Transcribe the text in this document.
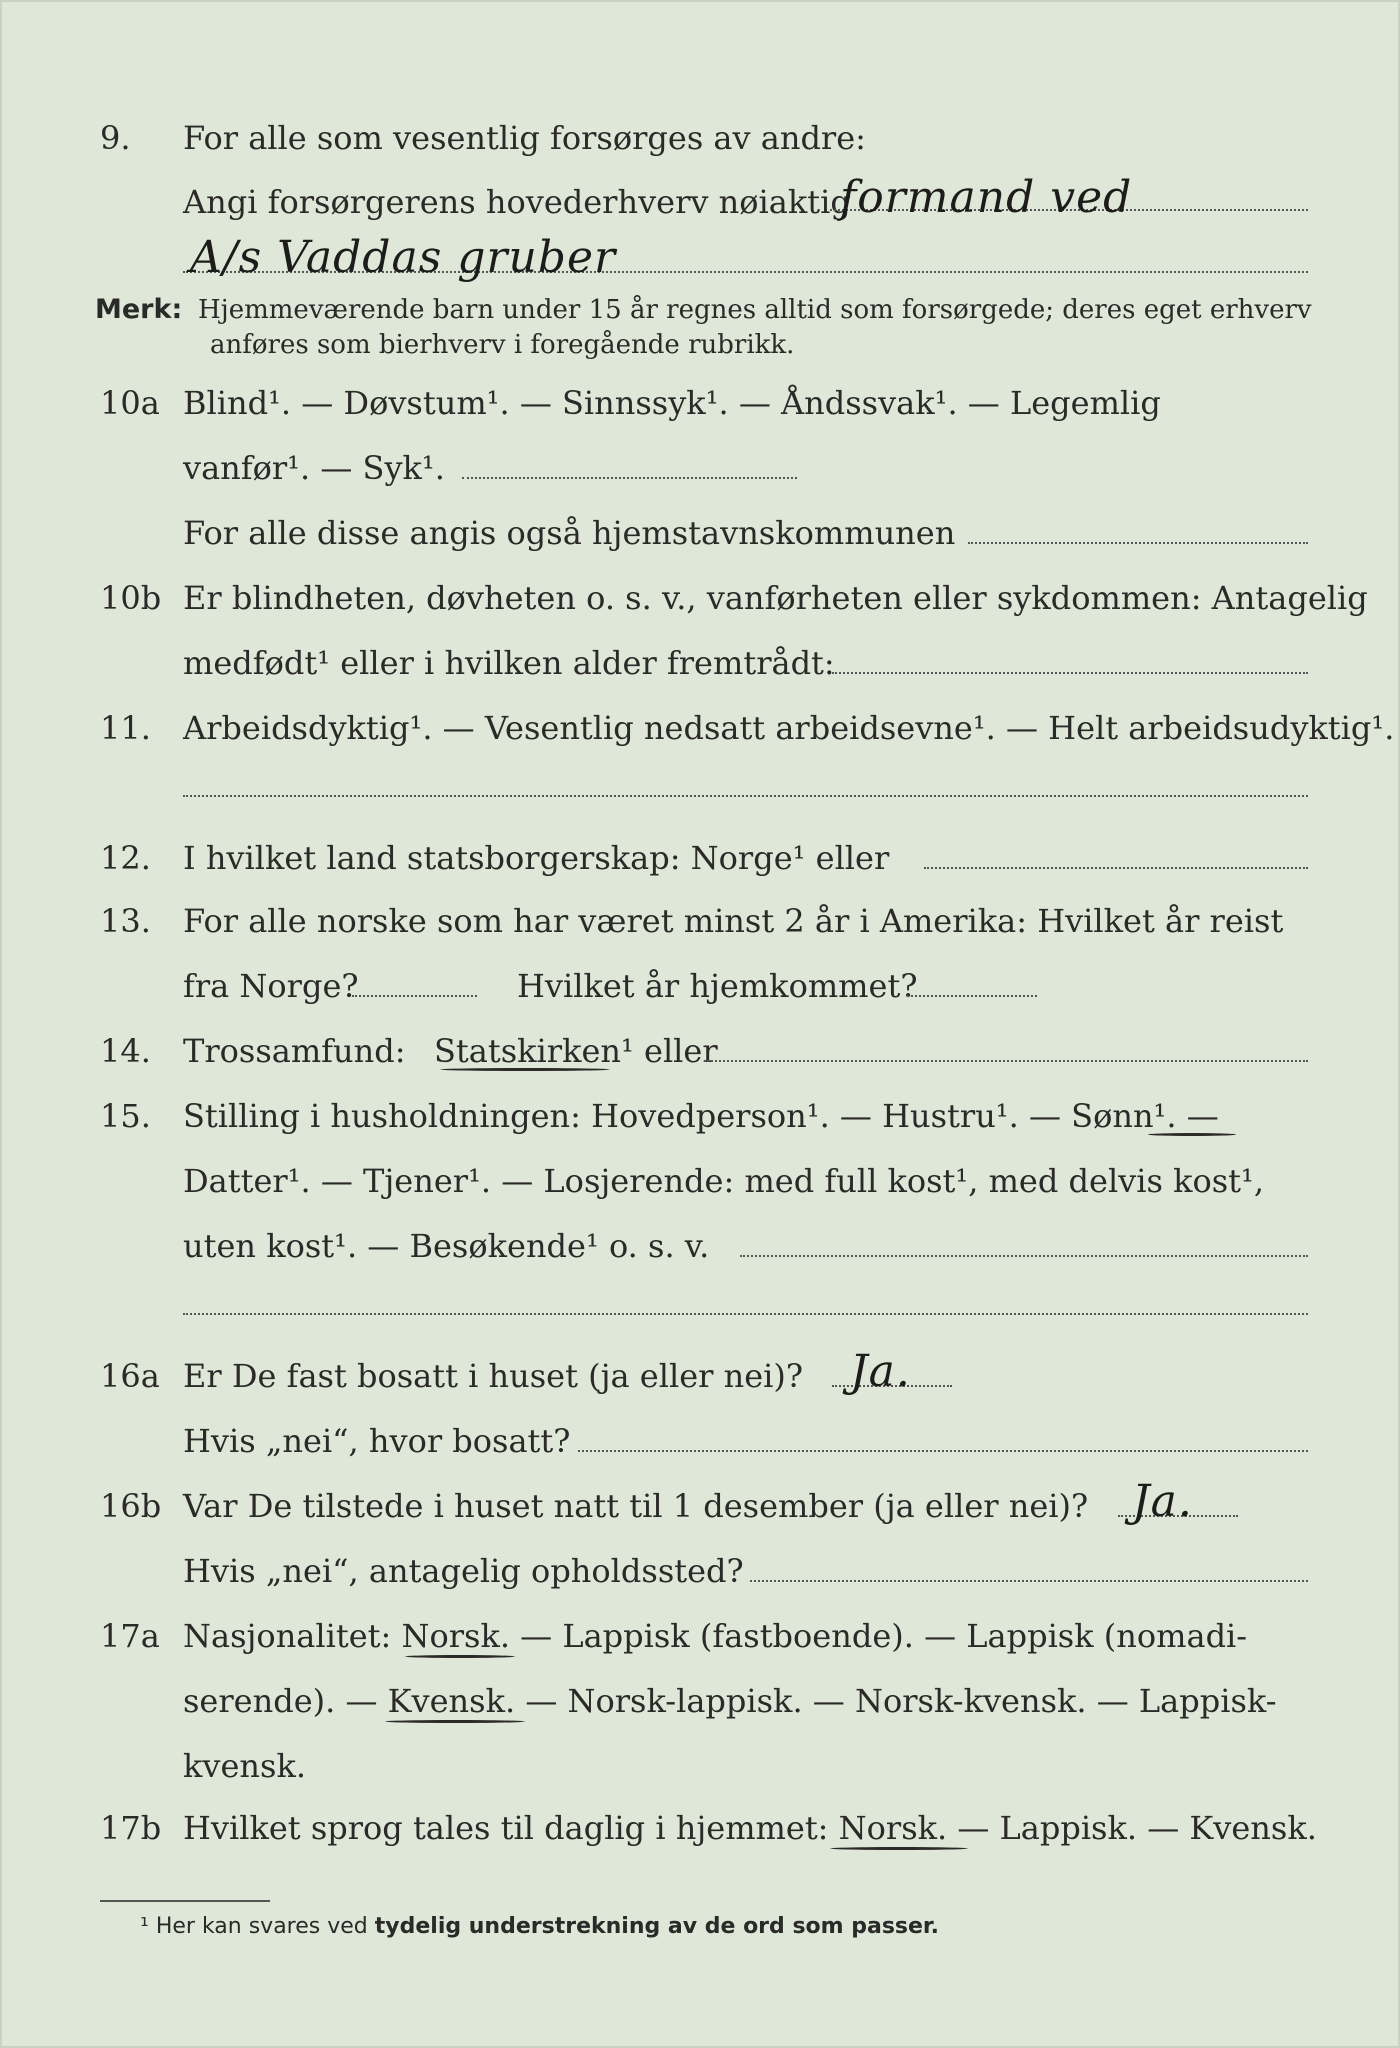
9. For alle som vesentlig forsørges av andre:
Angi forsørgerens hovederhverv nøiaktig
formand ved
A/s Vaddas gruber
Merk: Hjemmeværende barn under 15 år regnes alltid som forsørgede; deres eget erhverv
anføres som bierhverv i foregående rubrikk.
10a Blind¹. — Døvstum¹. — Sinnssyk¹. — Åndssvak¹. — Legemlig
vanfør¹. — Syk¹.
For alle disse angis også hjemstavnskommunen
10b Er blindheten, døvheten o. s. v., vanførheten eller sykdommen: Antagelig
medfødt¹ eller i hvilken alder fremtrådt:
11. Arbeidsdyktig¹. — Vesentlig nedsatt arbeidsevne¹. — Helt arbeidsudyktig¹.
12. I hvilket land statsborgerskap: Norge¹ eller
13. For alle norske som har været minst 2 år i Amerika: Hvilket år reist
fra Norge?	Hvilket år hjemkommet?
14. Trossamfund: Statskirken¹ eller
15. Stilling i husholdningen: Hovedperson¹. — Hustru¹. — Sønn¹. —
Datter¹. — Tjener¹. — Losjerende: med full kost¹, med delvis kost¹,
uten kost¹. — Besøkende¹ o. s. v.
16a Er De fast bosatt i huset (ja eller nei)? Ja.
Hvis „nei“, hvor bosatt?
16b Var De tilstede i huset natt til 1 desember (ja eller nei)? Ja.
Hvis „nei“, antagelig opholdssted?
17a Nasjonalitet: Norsk. — Lappisk (fastboende). — Lappisk (nomadi-
serende). — Kvensk. — Norsk-lappisk. — Norsk-kvensk. — Lappisk-
kvensk.
17b Hvilket sprog tales til daglig i hjemmet: Norsk. — Lappisk. — Kvensk.
¹ Her kan svares ved tydelig understrekning av de ord som passer.
